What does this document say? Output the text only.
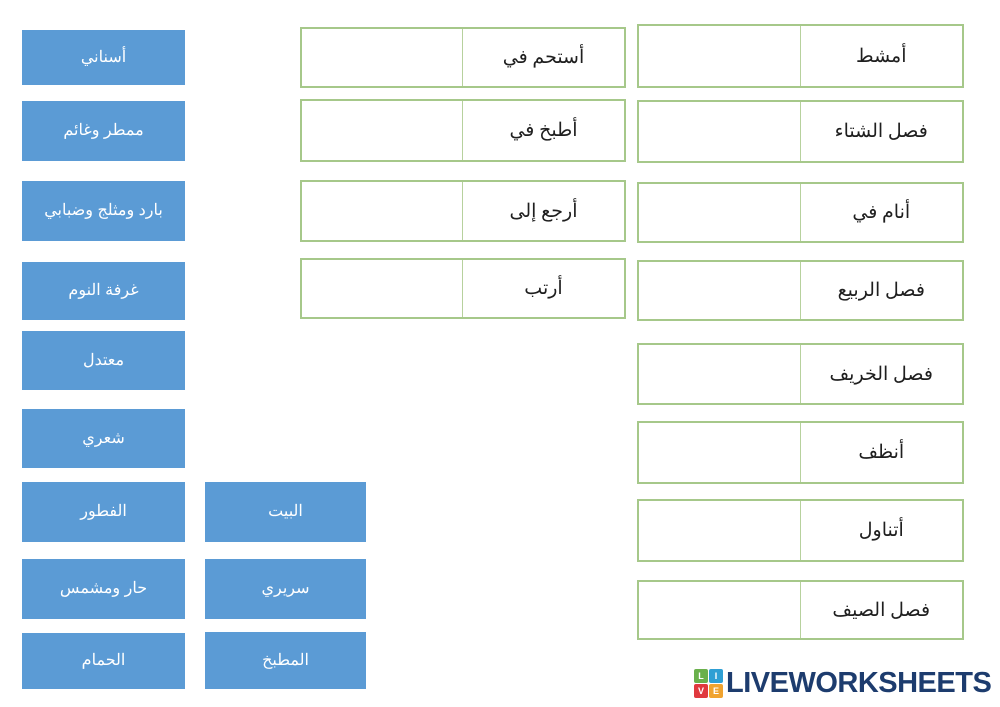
أسناني
ممطر وغائم
بارد ومثلج وضبابي
غرفة النوم
معتدل
شعري
الفطور
حار ومشمس
الحمام
البيت
سريري
المطبخ
أستحم في
أطبخ في
أرجع إلى
أرتب
أمشط
فصل الشتاء
أنام في
فصل الربيع
فصل الخريف
أنظف
أتناول
فصل الصيف
L	I
V E LIVEWORKSHEETS
